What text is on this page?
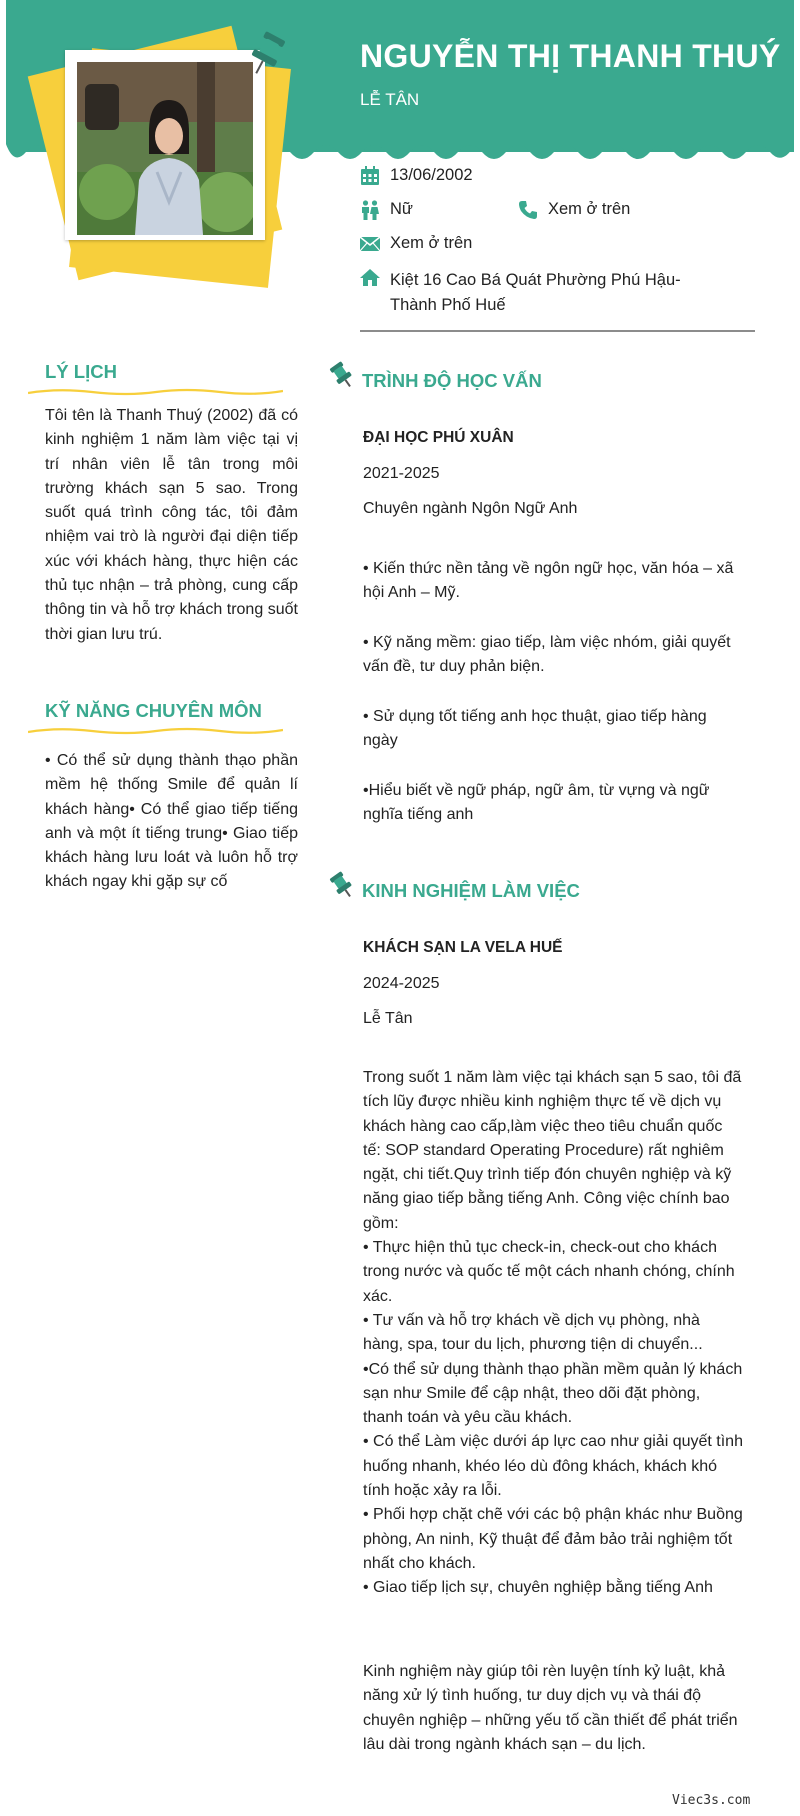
NGUYỄN THỊ THANH THUÝ
LỄ TÂN
13/06/2002
Nữ	Xem ở trên
Xem ở trên
Kiệt 16 Cao Bá Quát Phường Phú Hậu-
Thành Phố Huế
LÝ LỊCH
Tôi tên là Thanh Thuý (2002) đã có kinh nghiệm 1 năm làm việc tại vị trí nhân viên lễ tân trong môi trường khách sạn 5 sao. Trong suốt quá trình công tác, tôi đảm nhiệm vai trò là người đại diện tiếp xúc với khách hàng, thực hiện các thủ tục nhận – trả phòng, cung cấp thông tin và hỗ trợ khách trong suốt thời gian lưu trú.
KỸ NĂNG CHUYÊN MÔN
• Có thể sử dụng thành thạo phần mềm hệ thống Smile để quản lí khách hàng• Có thể giao tiếp tiếng anh và một ít tiếng trung• Giao tiếp khách hàng lưu loát và luôn hỗ trợ khách ngay khi gặp sự cố
TRÌNH ĐỘ HỌC VẤN
ĐẠI HỌC PHÚ XUÂN
2021-2025
Chuyên ngành Ngôn Ngữ Anh
• Kiến thức nền tảng về ngôn ngữ học, văn hóa – xã hội Anh – Mỹ.
• Kỹ năng mềm: giao tiếp, làm việc nhóm, giải quyết vấn đề, tư duy phản biện.
• Sử dụng tốt tiếng anh học thuật, giao tiếp hàng ngày
•Hiểu biết về ngữ pháp, ngữ âm, từ vựng và ngữ nghĩa tiếng anh
KINH NGHIỆM LÀM VIỆC
KHÁCH SẠN LA VELA HUẾ
2024-2025
Lễ Tân
Trong suốt 1 năm làm việc tại khách sạn 5 sao, tôi đã tích lũy được nhiều kinh nghiệm thực tế về dịch vụ khách hàng cao cấp,làm việc theo tiêu chuẩn quốc tế: SOP standard Operating Procedure) rất nghiêm ngặt, chi tiết.Quy trình tiếp đón chuyên nghiệp và kỹ năng giao tiếp bằng tiếng Anh. Công việc chính bao gồm:
• Thực hiện thủ tục check-in, check-out cho khách trong nước và quốc tế một cách nhanh chóng, chính xác.
• Tư vấn và hỗ trợ khách về dịch vụ phòng, nhà hàng, spa, tour du lịch, phương tiện di chuyển...
•Có thể sử dụng thành thạo phần mềm quản lý khách sạn như Smile để cập nhật, theo dõi đặt phòng, thanh toán và yêu cầu khách.
• Có thể Làm việc dưới áp lực cao như giải quyết tình huống nhanh, khéo léo dù đông khách, khách khó tính hoặc xảy ra lỗi.
• Phối hợp chặt chẽ với các bộ phận khác như Buồng phòng, An ninh, Kỹ thuật để đảm bảo trải nghiệm tốt nhất cho khách.
• Giao tiếp lịch sự, chuyên nghiệp bằng tiếng Anh
Kinh nghiệm này giúp tôi rèn luyện tính kỷ luật, khả năng xử lý tình huống, tư duy dịch vụ và thái độ chuyên nghiệp – những yếu tố cần thiết để phát triển lâu dài trong ngành khách sạn – du lịch.
Viec3s.com
